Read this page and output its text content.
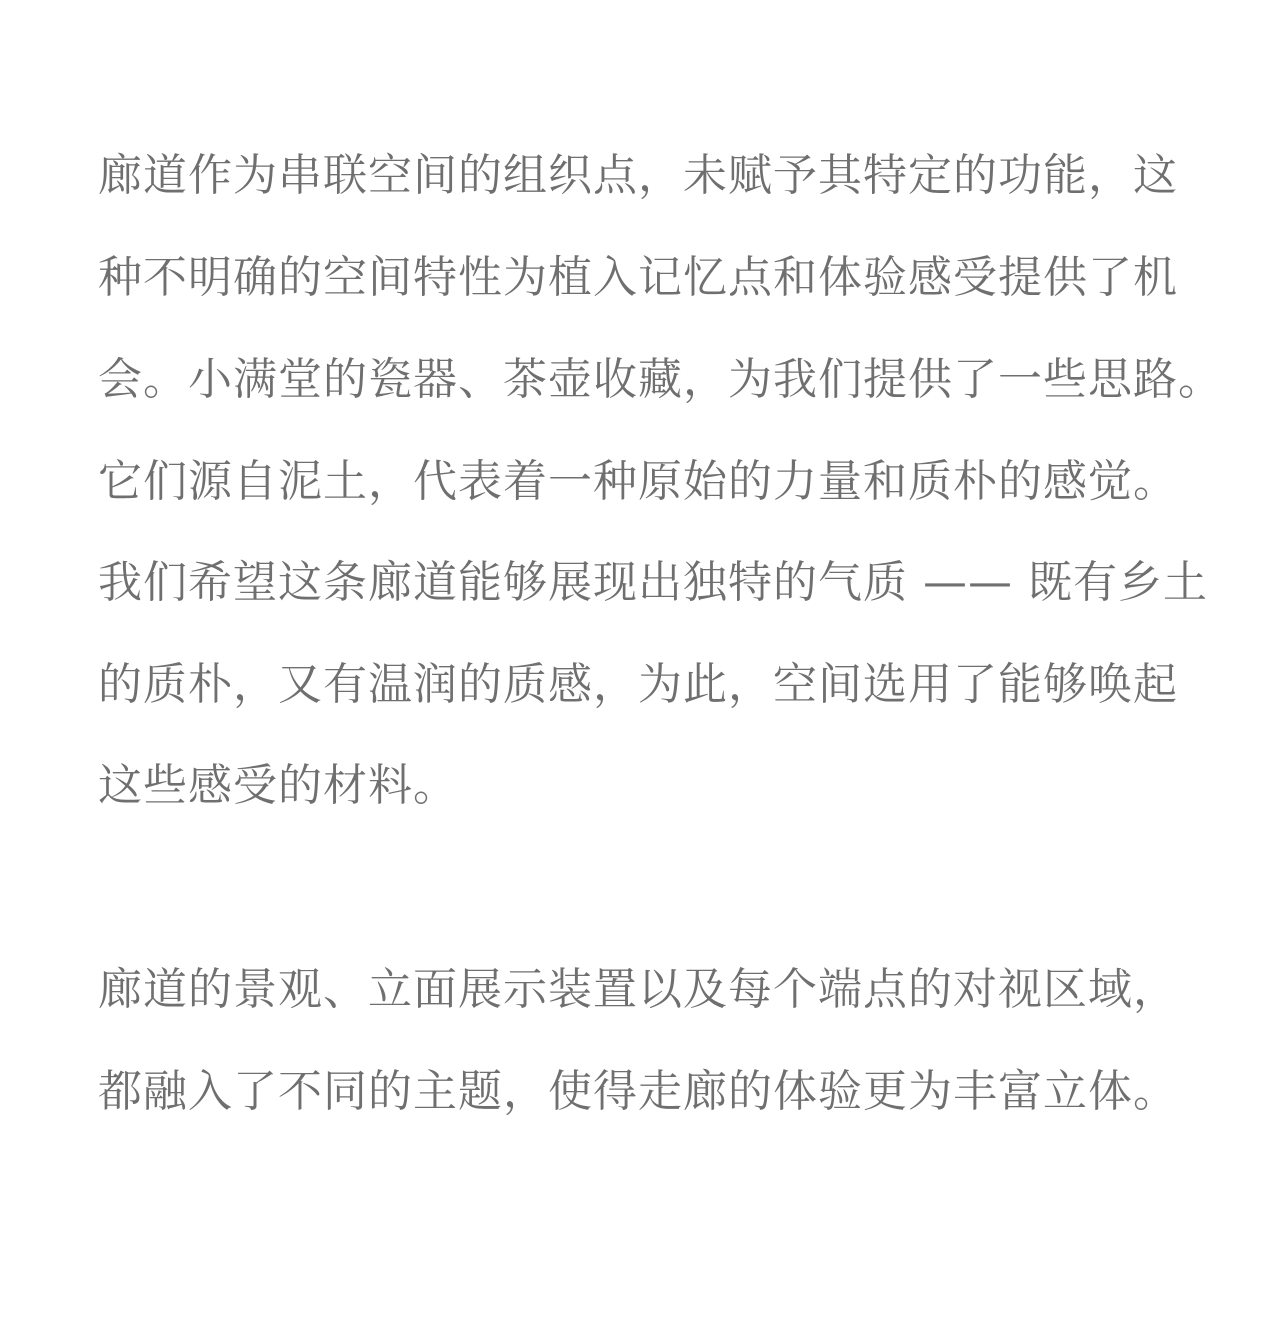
廊道作为串联空间的组织点，未赋予其特定的功能，这
种不明确的空间特性为植入记忆点和体验感受提供了机
会。小满堂的瓷器、茶壶收藏，为我们提供了一些思路。
它们源自泥土，代表着一种原始的力量和质朴的感觉。
我们希望这条廊道能够展现出独特的气质 —— 既有乡土
的质朴，又有温润的质感，为此，空间选用了能够唤起
这些感受的材料。
廊道的景观、立面展示装置以及每个端点的对视区域，
都融入了不同的主题，使得走廊的体验更为丰富立体。
